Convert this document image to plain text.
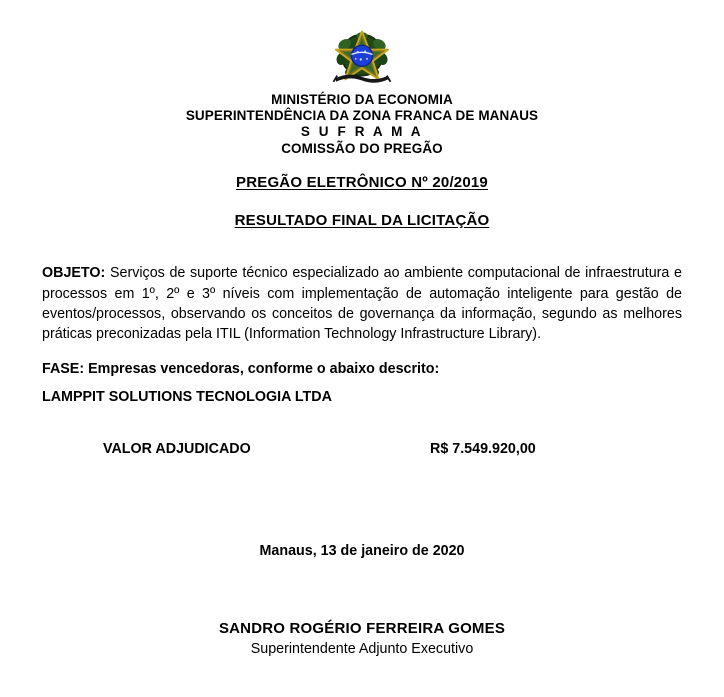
MINISTÉRIO DA ECONOMIA
SUPERINTENDÊNCIA DA ZONA FRANCA DE MANAUS
S U F R A M A
COMISSÃO DO PREGÃO
PREGÃO ELETRÔNICO Nº 20/2019
RESULTADO FINAL DA LICITAÇÃO

OBJETO: Serviços de suporte técnico especializado ao ambiente computacional de infraestrutura e processos em 1º, 2º e 3º níveis com implementação de automação inteligente para gestão de eventos/processos, observando os conceitos de governança da informação, segundo as melhores práticas preconizadas pela ITIL (Information Technology Infrastructure Library).

FASE: Empresas vencedoras, conforme o abaixo descrito:
LAMPPIT SOLUTIONS TECNOLOGIA LTDA
VALOR ADJUDICADO	R$ 7.549.920,00
Manaus, 13 de janeiro de 2020
SANDRO ROGÉRIO FERREIRA GOMES
Superintendente Adjunto Executivo
